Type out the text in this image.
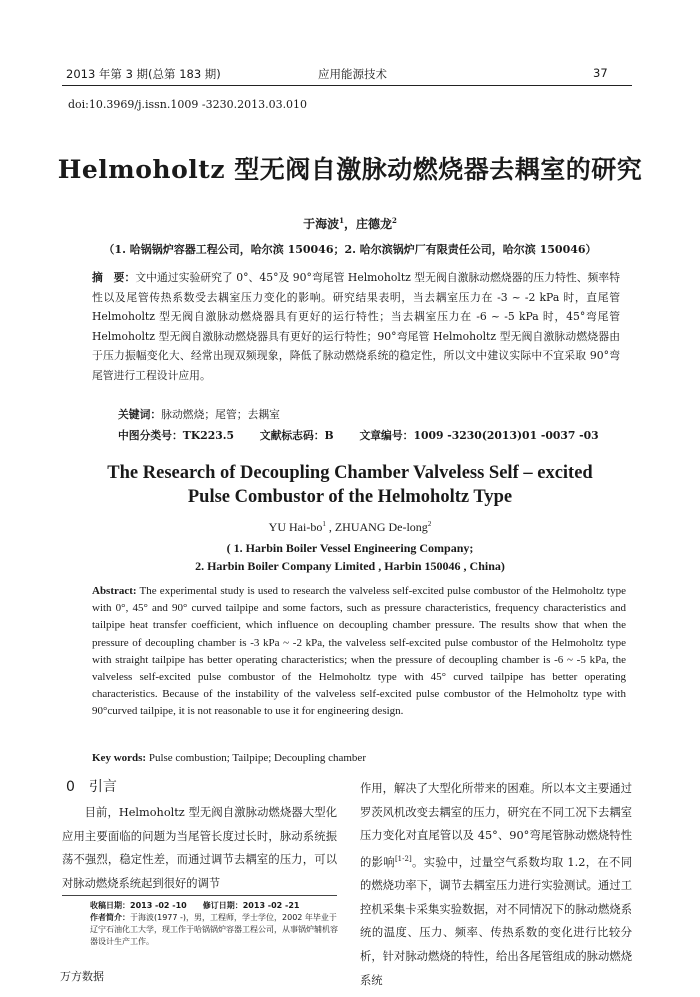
2013 年第 3 期(总第 183 期)	应用能源技术	37
doi:10.3969/j.issn.1009 -3230.2013.03.010
Helmoholtz 型无阀自激脉动燃烧器去耦室的研究
于海波$^1$，庄德龙$^2$
（1. 哈锅锅炉容器工程公司，哈尔滨 150046；2. 哈尔滨锅炉厂有限责任公司，哈尔滨 150046）
摘　要：文中通过实验研究了 0°、45°及 90°弯尾管 Helmoholtz 型无阀自激脉动燃烧器的压力特性、频率特性以及尾管传热系数受去耦室压力变化的影响。研究结果表明，当去耦室压力在 -3 ~ -2 kPa 时，直尾管 Helmoholtz 型无阀自激脉动燃烧器具有更好的运行特性；当去耦室压力在 -6 ~ -5 kPa 时，45°弯尾管 Helmoholtz 型无阀自激脉动燃烧器具有更好的运行特性；90°弯尾管 Helmoholtz 型无阀自激脉动燃烧器由于压力振幅变化大、经常出现双频现象，降低了脉动燃烧系统的稳定性，所以文中建议实际中不宜采取 90°弯尾管进行工程设计应用。
关键词：脉动燃烧；尾管；去耦室
中图分类号：TK223.5 文献标志码：B 文章编号：1009 -3230(2013)01 -0037 -03
The Research of Decoupling Chamber Valveless Self – excited
Pulse Combustor of the Helmoholtz Type
YU Hai-$bo^1$ , ZHUANG De-long$^2$
( 1. Harbin Boiler Vessel Engineering Company;
2. Harbin Boiler Company Limited , Harbin 150046 , China)
Abstract: The experimental study is used to research the valveless self-excited pulse combustor of the Helmoholtz type with 0°, 45° and 90° curved tailpipe and some factors, such as pressure characteristics, frequency characteristics and tailpipe heat transfer coefficient, which influence on decoupling chamber pressure. The results show that when the pressure of decoupling chamber is -3 kPa ~ -2 kPa, the valveless self-excited pulse combustor of the Helmoholtz type with straight tailpipe has better operating characteristics; when the pressure of decoupling chamber is -6 ~ -5 kPa, the valveless self-excited pulse combustor of the Helmoholtz type with 45° curved tailpipe has better operating characteristics. Because of the instability of the valveless self-excited pulse combustor of the Helmoholtz type with 90°curved tailpipe, it is not reasonable to use it for engineering design.
Key words: Pulse combustion; Tailpipe; Decoupling chamber
0 引言
目前，Helmoholtz 型无阀自激脉动燃烧器大型化应用主要面临的问题为当尾管长度过长时，脉动系统振荡不强烈，稳定性差，而通过调节去耦室的压力，可以对脉动燃烧系统起到很好的调节
作用，解决了大型化所带来的困难。所以本文主要通过罗茨风机改变去耦室的压力，研究在不同工况下去耦室压力变化对直尾管以及 45°、90°弯尾管脉动燃烧特性的影响[1-2]。实验中，过量空气系数均取 1.2，在不同的燃烧功率下，调节去耦室压力进行实验测试。通过工控机采集卡采集实验数据，对不同情况下的脉动燃烧系统的温度、压力、频率、传热系数的变化进行比较分析，针对脉动燃烧的特性，给出各尾管组成的脉动燃烧系统
收稿日期：2013 -02 -10　　修订日期：2013 -02 -21
作者简介：于海波(1977 -)，男，工程师，学士学位，2002 年毕业于辽宁石油化工大学，现工作于哈锅锅炉容器工程公司，从事锅炉辅机容器设计生产工作。
万方数据
